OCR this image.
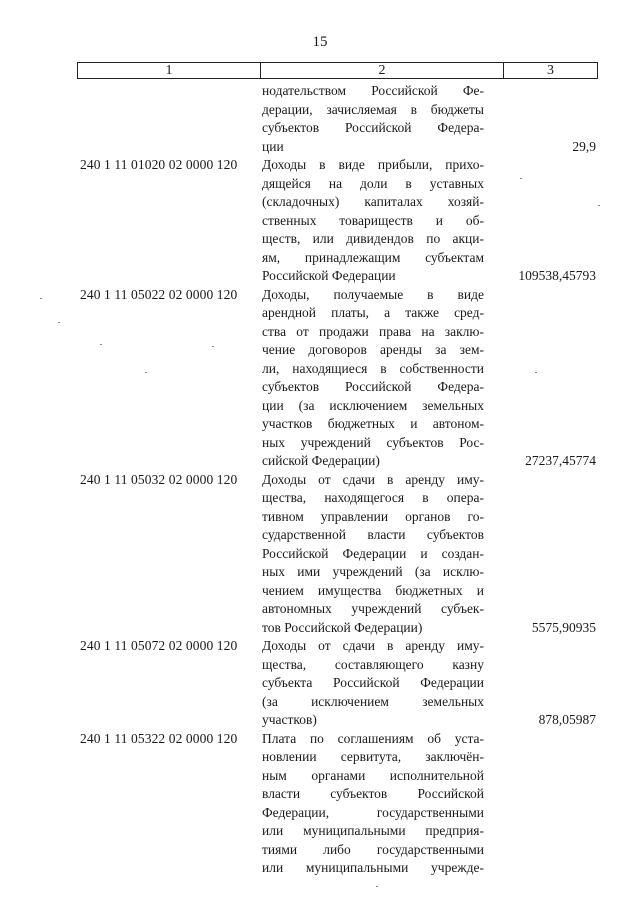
15
1	2	3
нодательством Российской Фе-
дерации, зачисляемая в бюджеты
субъектов Российской Федера-
ции	29,9
240 1 11 01020 02 0000 120 Доходы в виде прибыли, прихо-
дящейся на доли в уставных
(складочных) капиталах хозяй-
ственных товариществ и об-
ществ, или дивидендов по акци-
ям, принадлежащим субъектам
Российской Федерации	109538,45793
240 1 11 05022 02 0000 120 Доходы, получаемые в виде
арендной платы, а также сред-
ства от продажи права на заклю-
чение договоров аренды за зем-
ли, находящиеся в собственности
субъектов Российской Федера-
ции (за исключением земельных
участков бюджетных и автоном-
ных учреждений субъектов Рос-
сийской Федерации)	27237,45774
240 1 11 05032 02 0000 120 Доходы от сдачи в аренду иму-
щества, находящегося в опера-
тивном управлении органов го-
сударственной власти субъектов
Российской Федерации и создан-
ных ими учреждений (за исклю-
чением имущества бюджетных и
автономных учреждений субъек-
тов Российской Федерации)	5575,90935
240 1 11 05072 02 0000 120 Доходы от сдачи в аренду иму-
щества, составляющего казну
субъекта Российской Федерации
(за исключением земельных
участков)	878,05987
240 1 11 05322 02 0000 120 Плата по соглашениям об уста-
новлении сервитута, заключён-
ным органами исполнительной
власти субъектов Российской
Федерации, государственными
или муниципальными предприя-
тиями либо государственными
или муниципальными учрежде-
